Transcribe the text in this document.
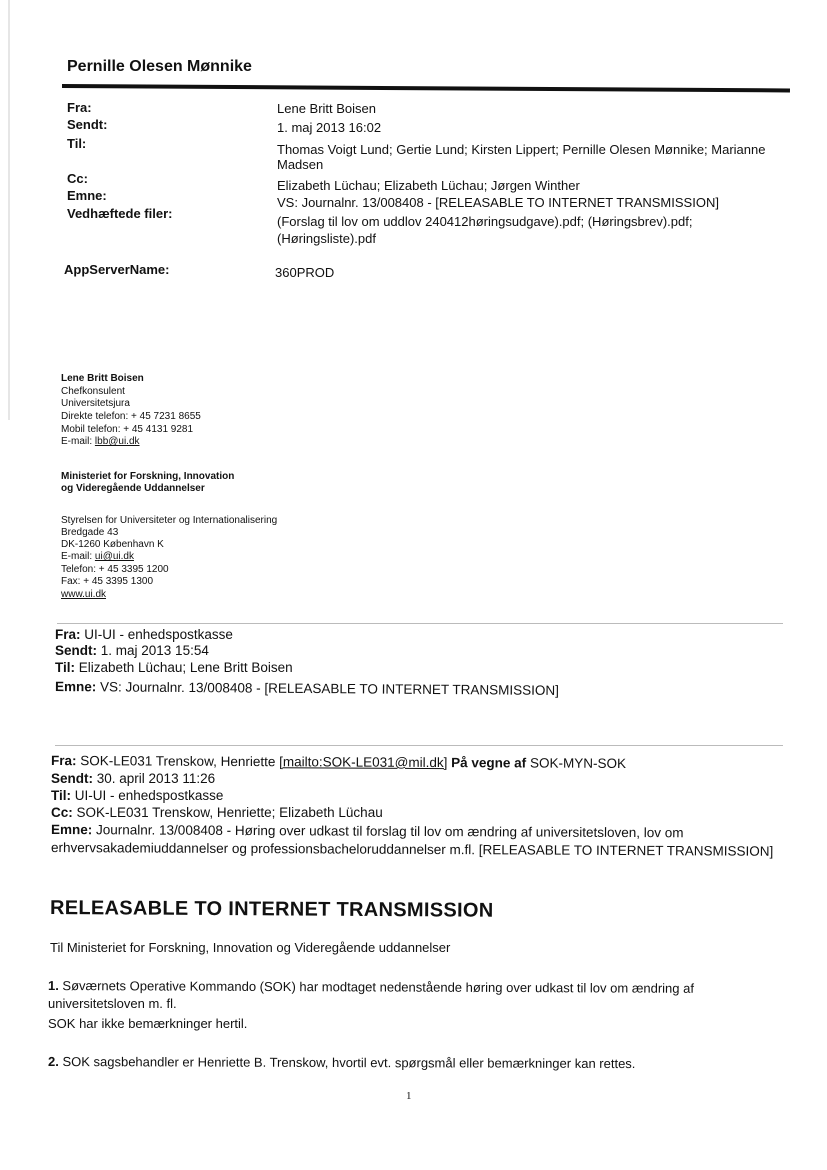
Pernille Olesen Mønnike
Fra:	Lene Britt Boisen
Sendt:	1. maj 2013 16:02
Til:	Thomas Voigt Lund; Gertie Lund; Kirsten Lippert; Pernille Olesen Mønnike; Marianne
Madsen
Cc:	Elizabeth Lüchau; Elizabeth Lüchau; Jørgen Winther
Emne:	VS: Journalnr. 13/008408 - [RELEASABLE TO INTERNET TRANSMISSION]
Vedhæftede filer:
(Forslag til lov om uddlov 240412høringsudgave).pdf; (Høringsbrev).pdf;
(Høringsliste).pdf
AppServerName:	360PROD
Lene Britt Boisen
Chefkonsulent
Universitetsjura
Direkte telefon: + 45 7231 8655
Mobil telefon: + 45 4131 9281
E-mail: lbb@ui.dk
Ministeriet for Forskning, Innovation
og Videregående Uddannelser
Styrelsen for Universiteter og Internationalisering
Bredgade 43
DK-1260 København K
E-mail: ui@ui.dk
Telefon: + 45 3395 1200
Fax: + 45 3395 1300
www.ui.dk
Fra: UI-UI - enhedspostkasse
Sendt: 1. maj 2013 15:54
Til: Elizabeth Lüchau; Lene Britt Boisen
Emne: VS: Journalnr. 13/008408 - [RELEASABLE TO INTERNET TRANSMISSION]
Fra: SOK-LE031 Trenskow, Henriette [mailto:SOK-LE031@mil.dk] På vegne af SOK-MYN-SOK
Sendt: 30. april 2013 11:26
Til: UI-UI - enhedspostkasse
Cc: SOK-LE031 Trenskow, Henriette; Elizabeth Lüchau
Emne: Journalnr. 13/008408 - Høring over udkast til forslag til lov om ændring af universitetsloven, lov om
erhvervsakademiuddannelser og professionsbacheloruddannelser m.fl. [RELEASABLE TO INTERNET TRANSMISSION]
RELEASABLE TO INTERNET TRANSMISSION
Til Ministeriet for Forskning, Innovation og Videregående uddannelser
1. Søværnets Operative Kommando (SOK) har modtaget nedenstående høring over udkast til lov om ændring af
universitetsloven m. fl.
SOK har ikke bemærkninger hertil.
2. SOK sagsbehandler er Henriette B. Trenskow, hvortil evt. spørgsmål eller bemærkninger kan rettes.
1
